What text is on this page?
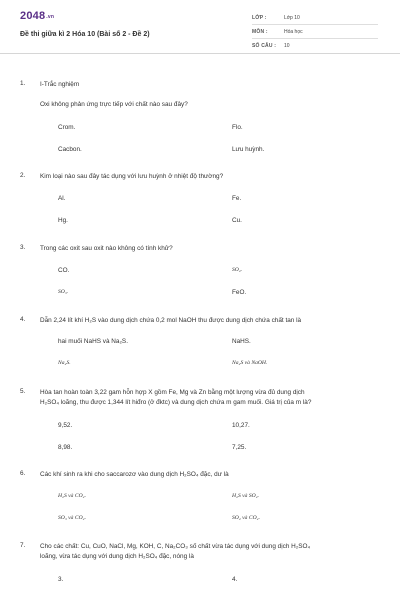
2048.vn
Đề thi giữa kì 2 Hóa 10 (Bài số 2 - Đề 2)
LỚP :	Lớp 10
MÔN :	Hóa học
SỐ CÂU : 10
1. I-Trắc nghiệm
Oxi không phản ứng trực tiếp với chất nào sau đây?
Crom.	Flo.
Cacbon.	Lưu huỳnh.
2. Kim loại nào sau đây tác dụng với lưu huỳnh ở nhiệt độ thường?
Al.	Fe.
Hg.	Cu.
3. Trong các oxit sau oxit nào không có tính khử?
CO.	SO₂.
SO₃.	FeO.
4. Dẫn 2,24 lít khí H₂S vào dung dịch chứa 0,2 mol NaOH thu được dung dịch chứa chất tan là
hai muối NaHS và Na₂S.	NaHS.
Na₂S.	Na₂S và NaOH.
5. Hòa tan hoàn toàn 3,22 gam hỗn hợp X gồm Fe, Mg và Zn bằng một lượng vừa đủ dung dịch
H₂SO₄ loãng, thu được 1,344 lít hiđro (ở đktc) và dung dịch chứa m gam muối. Giá trị của m là?
9,52.	10,27.
8,98.	7,25.
6. Các khí sinh ra khi cho saccarozơ vào dung dịch H₂SO₄ đặc, dư là
H₂S và CO₂.	H₂S và SO₂.
SO₃ và CO₂.	SO₂ và CO₂.
7. Cho các chất: Cu, CuO, NaCl, Mg, KOH, C, Na₂CO₃ số chất vừa tác dụng với dung dịch H₂SO₄
loãng, vừa tác dụng với dung dịch H₂SO₄ đặc, nóng là
3.	4.
